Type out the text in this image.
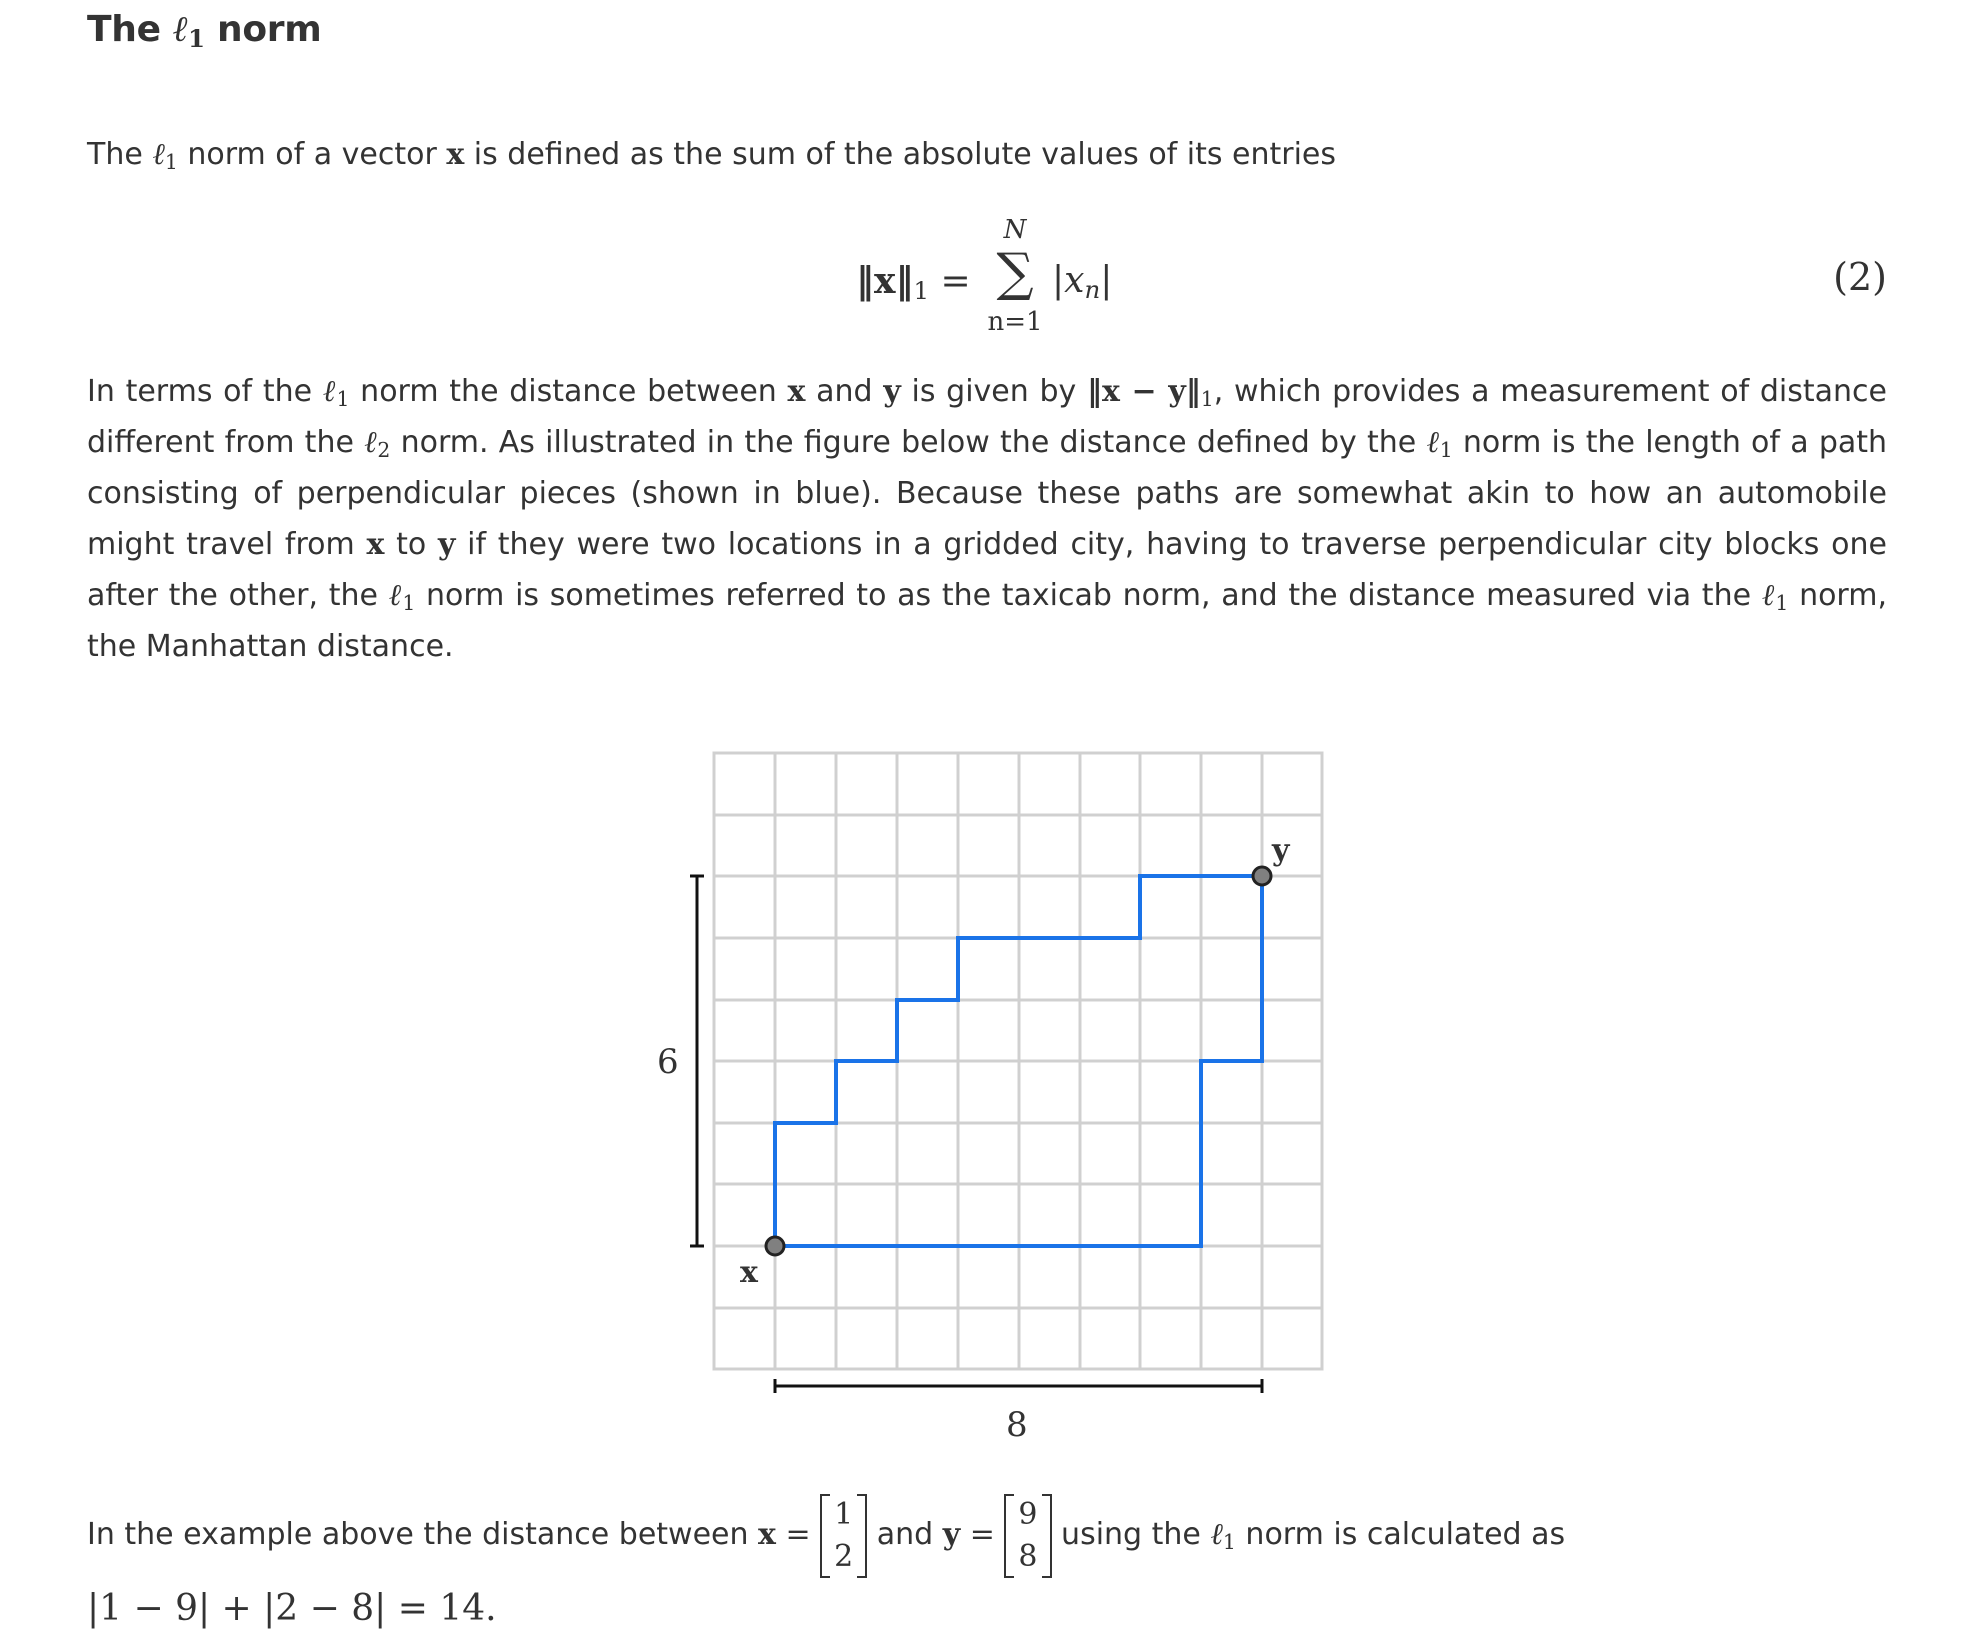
The ℓ$_1$ norm

The ℓ$_1$ norm of a vector x is defined as the sum of the absolute values of its entries

$‖x‖_1$ =
N
∑
n=1
$|x_n|$	(2)

In terms of the ℓ$_1$ norm the distance between x and y is given by ‖x − $y‖_1$, which provides a measurement of distance different from the ℓ$_2$ norm. As illustrated in the figure below the distance defined by the ℓ$_1$ norm is the length of a path consisting of perpendicular pieces (shown in blue). Because these paths are somewhat akin to how an automobile might travel from x to y if they were two locations in a gridded city, having to traverse perpendicular city blocks one after the other, the ℓ$_1$ norm is sometimes referred to as the taxicab norm, and the distance measured via the ℓ$_1$ norm, the Manhattan distance.

x
y
6
8

In the example above the distance between x =
1
2
and y =
9
8
using the ℓ$_1$ norm is calculated as

|1 − 9| + |2 − 8| = 14.
